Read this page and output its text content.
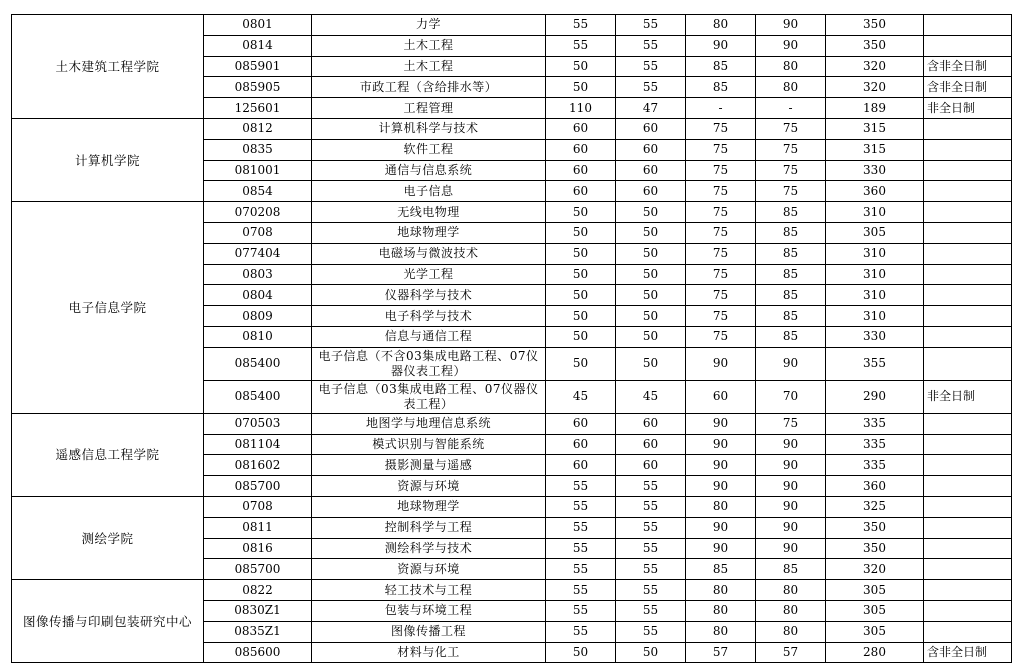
土木建筑工程学院	0801	力学	55	55	80	90	350	
	0814	土木工程	55	55	90	90	350	
	085901	土木工程	50	55	85	80	320	含非全日制
	085905	市政工程（含给排水等）	50	55	85	80	320	含非全日制
	125601	工程管理	110	47	-	-	189	非全日制
计算机学院	0812	计算机科学与技术	60	60	75	75	315	
	0835	软件工程	60	60	75	75	315	
	081001	通信与信息系统	60	60	75	75	330	
	0854	电子信息	60	60	75	75	360	
电子信息学院	070208	无线电物理	50	50	75	85	310	
	0708	地球物理学	50	50	75	85	305	
	077404	电磁场与微波技术	50	50	75	85	310	
	0803	光学工程	50	50	75	85	310	
	0804	仪器科学与技术	50	50	75	85	310	
	0809	电子科学与技术	50	50	75	85	310	
	0810	信息与通信工程	50	50	75	85	330	
	085400	电子信息（不含03集成电路工程、07仪器仪表工程）	50	50	90	90	355	
	085400	电子信息（03集成电路工程、07仪器仪表工程）	45	45	60	70	290	非全日制
遥感信息工程学院	070503	地图学与地理信息系统	60	60	90	75	335	
	081104	模式识别与智能系统	60	60	90	90	335	
	081602	摄影测量与遥感	60	60	90	90	335	
	085700	资源与环境	55	55	90	90	360	
测绘学院	0708	地球物理学	55	55	80	90	325	
	0811	控制科学与工程	55	55	90	90	350	
	0816	测绘科学与技术	55	55	90	90	350	
	085700	资源与环境	55	55	85	85	320	
图像传播与印刷包装研究中心	0822	轻工技术与工程	55	55	80	80	305	
	0830Z1	包装与环境工程	55	55	80	80	305	
	0835Z1	图像传播工程	55	55	80	80	305	
	085600	材料与化工	50	50	57	57	280	含非全日制
